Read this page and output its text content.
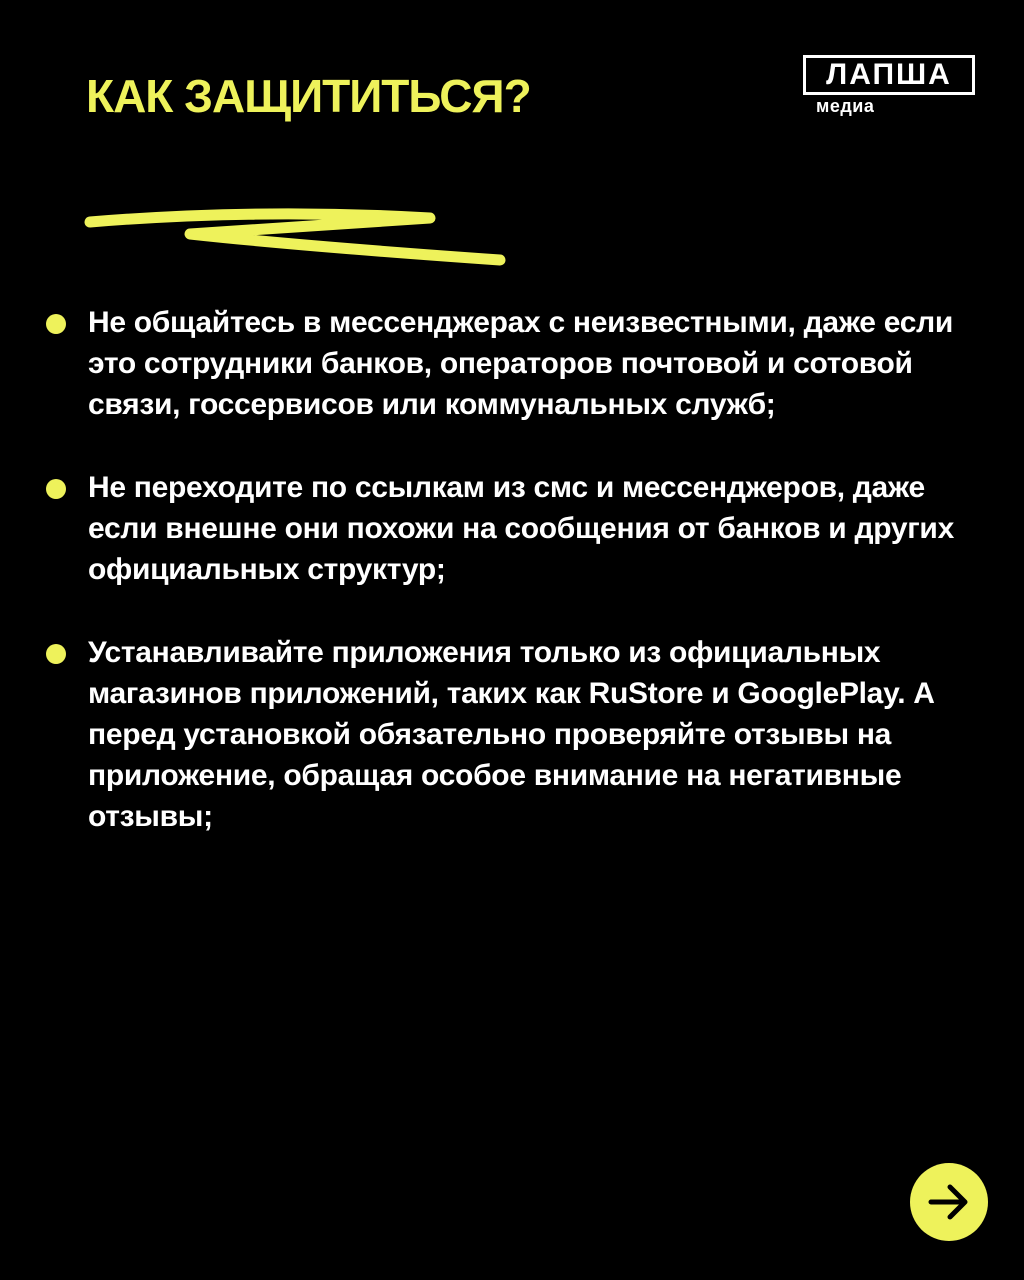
КАК ЗАЩИТИТЬСЯ?	ЛАПША
медиа
Не общайтесь в мессенджерах с неизвестными, даже если это сотрудники банков, операторов почтовой и сотовой связи, госсервисов или коммунальных служб;
Не переходите по ссылкам из смс и мессенджеров, даже если внешне они похожи на сообщения от банков и других официальных структур;
Устанавливайте приложения только из официальных магазинов приложений, таких как RuStore и GooglePlay. А перед установкой обязательно проверяйте отзывы на приложение, обращая особое внимание на негативные отзывы;
